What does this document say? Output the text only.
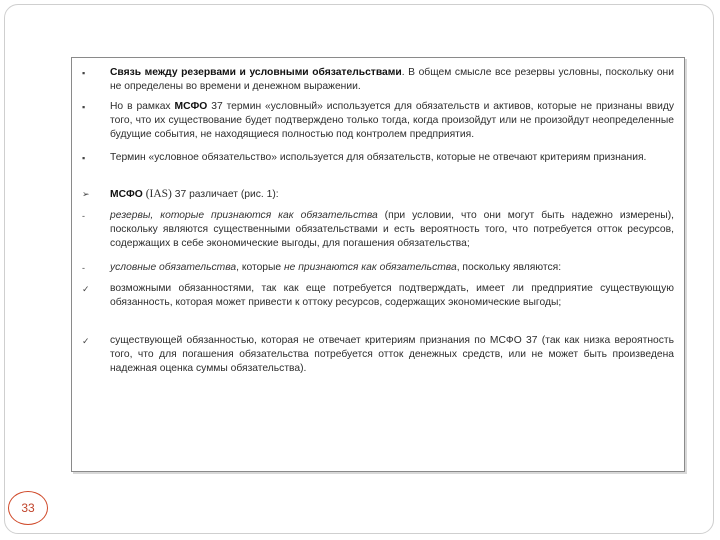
▪	Связь между резервами и условными обязательствами. В общем смысле все резервы условны, поскольку они не определены во времени и денежном выражении.
▪	Но в рамках МСФО 37 термин «условный» используется для обязательств и активов, которые не признаны ввиду того, что их существование будет подтверждено только тогда, когда произойдут или не произойдут неопределенные будущие события, не находящиеся полностью под контролем предприятия.
▪	Термин «условное обязательство» используется для обязательств, которые не отвечают критериям признания.
➢	МСФО (IAS) 37 различает (рис. 1):
-	резервы, которые признаются как обязательства (при условии, что они могут быть надежно измерены), поскольку являются существенными обязательствами и есть вероятность того, что потребуется отток ресурсов, содержащих в себе экономические выгоды, для погашения обязательства;
-	условные обязательства, которые не признаются как обязательства, поскольку являются:
✓	возможными обязанностями, так как еще потребуется подтверждать, имеет ли предприятие существующую обязанность, которая может привести к оттоку ресурсов, содержащих экономические выгоды;
✓	существующей обязанностью, которая не отвечает критериям признания по МСФО 37 (так как низка вероятность того, что для погашения обязательства потребуется отток денежных средств, или не может быть произведена надежная оценка суммы обязательства).
33
